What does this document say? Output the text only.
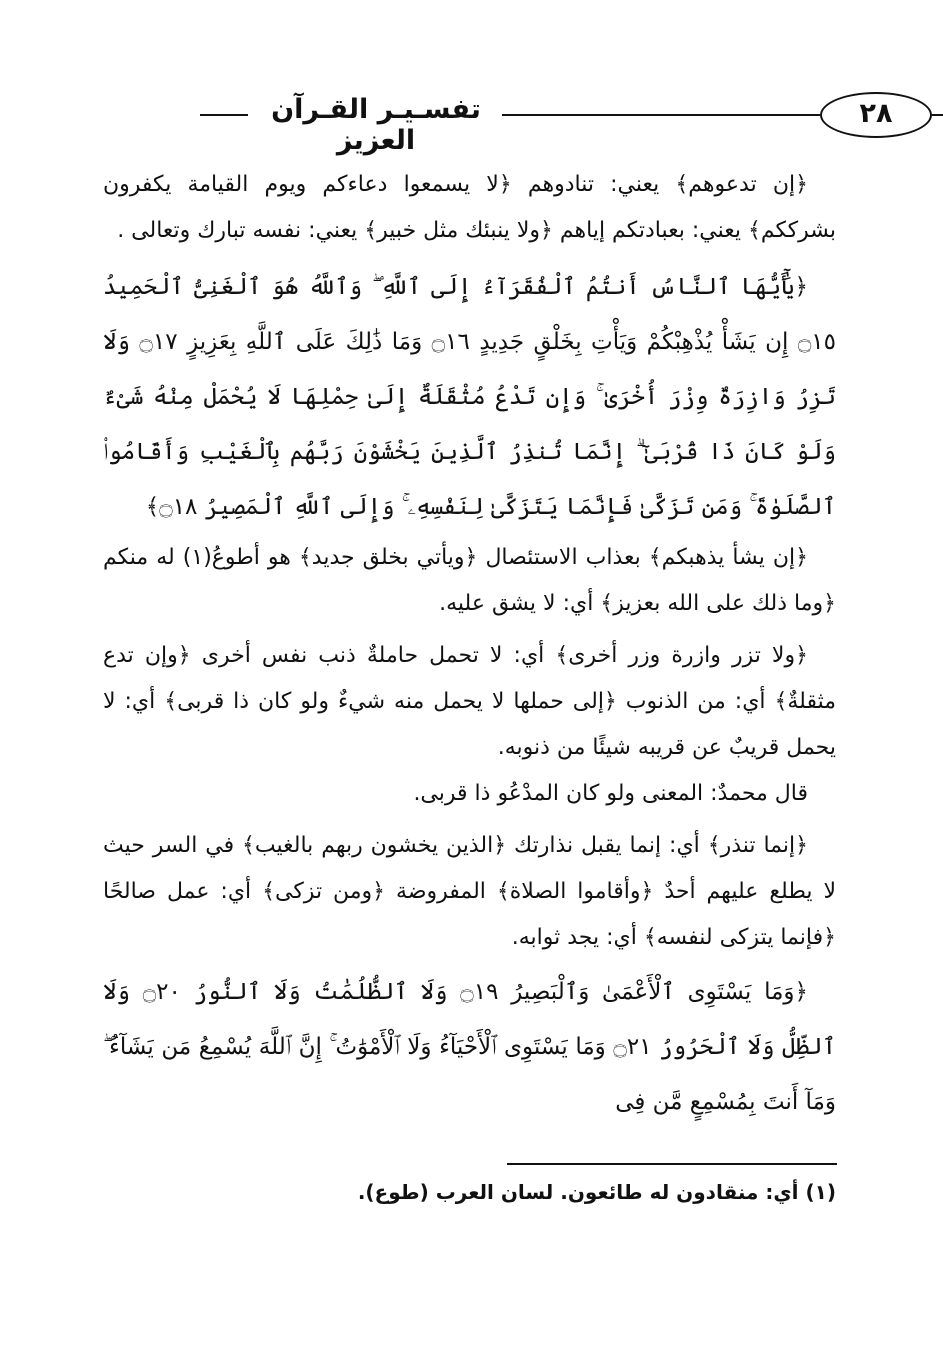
٢٨
تفسـيـر القـرآن العزيز

﴿إن تدعوهم﴾ يعني: تنادوهم ﴿لا يسمعوا دعاءكم ويوم القيامة يكفرون بشرككم﴾ يعني: بعبادتكم إياهم ﴿ولا ينبئك مثل خبير﴾ يعني: نفسه تبارك وتعالى .

﴿يَٰٓأَيُّهَا ٱلنَّاسُ أَنتُمُ ٱلْفُقَرَآءُ إِلَى ٱللَّهِ ۖ وَٱللَّهُ هُوَ ٱلْغَنِىُّ ٱلْحَمِيدُ ۝١٥ إِن يَشَأْ يُذْهِبْكُمْ وَيَأْتِ بِخَلْقٍ جَدِيدٍ ۝١٦ وَمَا ذَٰلِكَ عَلَى ٱللَّهِ بِعَزِيزٍ ۝١٧ وَلَا تَزِرُ وَازِرَةٌ وِزْرَ أُخْرَىٰ ۚ وَإِن تَدْعُ مُثْقَلَةٌ إِلَىٰ حِمْلِهَا لَا يُحْمَلْ مِنْهُ شَىْءٌ وَلَوْ كَانَ ذَا قُرْبَىٰٓ ۗ إِنَّمَا تُنذِرُ ٱلَّذِينَ يَخْشَوْنَ رَبَّهُم بِٱلْغَيْبِ وَأَقَامُوا۟ ٱلصَّلَوٰةَ ۚ وَمَن تَزَكَّىٰ فَإِنَّمَا يَتَزَكَّىٰ لِنَفْسِهِۦ ۚ وَإِلَى ٱللَّهِ ٱلْمَصِيرُ ۝١٨﴾

﴿إن يشأ يذهبكم﴾ بعذاب الاستئصال ﴿ويأتي بخلق جديد﴾ هو أطوعُ(١) له منكم ﴿وما ذلك على الله بعزيز﴾ أي: لا يشق عليه.

﴿ولا تزر وازرة وزر أخرى﴾ أي: لا تحمل حاملةٌ ذنب نفس أخرى ﴿وإن تدع مثقلةٌ﴾ أي: من الذنوب ﴿إلى حملها لا يحمل منه شيءٌ ولو كان ذا قربى﴾ أي: لا يحمل قريبٌ عن قريبه شيئًا من ذنوبه.

قال محمدٌ: المعنى ولو كان المدْعُو ذا قربى.

﴿إنما تنذر﴾ أي: إنما يقبل نذارتك ﴿الذين يخشون ربهم بالغيب﴾ في السر حيث لا يطلع عليهم أحدٌ ﴿وأقاموا الصلاة﴾ المفروضة ﴿ومن تزكى﴾ أي: عمل صالحًا ﴿فإنما يتزكى لنفسه﴾ أي: يجد ثوابه.

﴿وَمَا يَسْتَوِى ٱلْأَعْمَىٰ وَٱلْبَصِيرُ ۝١٩ وَلَا ٱلظُّلُمَٰتُ وَلَا ٱلنُّورُ ۝٢٠ وَلَا ٱلظِّلُّ وَلَا ٱلْحَرُورُ ۝٢١ وَمَا يَسْتَوِى ٱلْأَحْيَآءُ وَلَا ٱلْأَمْوَٰتُ ۚ إِنَّ ٱللَّهَ يُسْمِعُ مَن يَشَآءُ ۖ وَمَآ أَنتَ بِمُسْمِعٍ مَّن فِى

(١) أي: منقادون له طائعون. لسان العرب (طوع).
